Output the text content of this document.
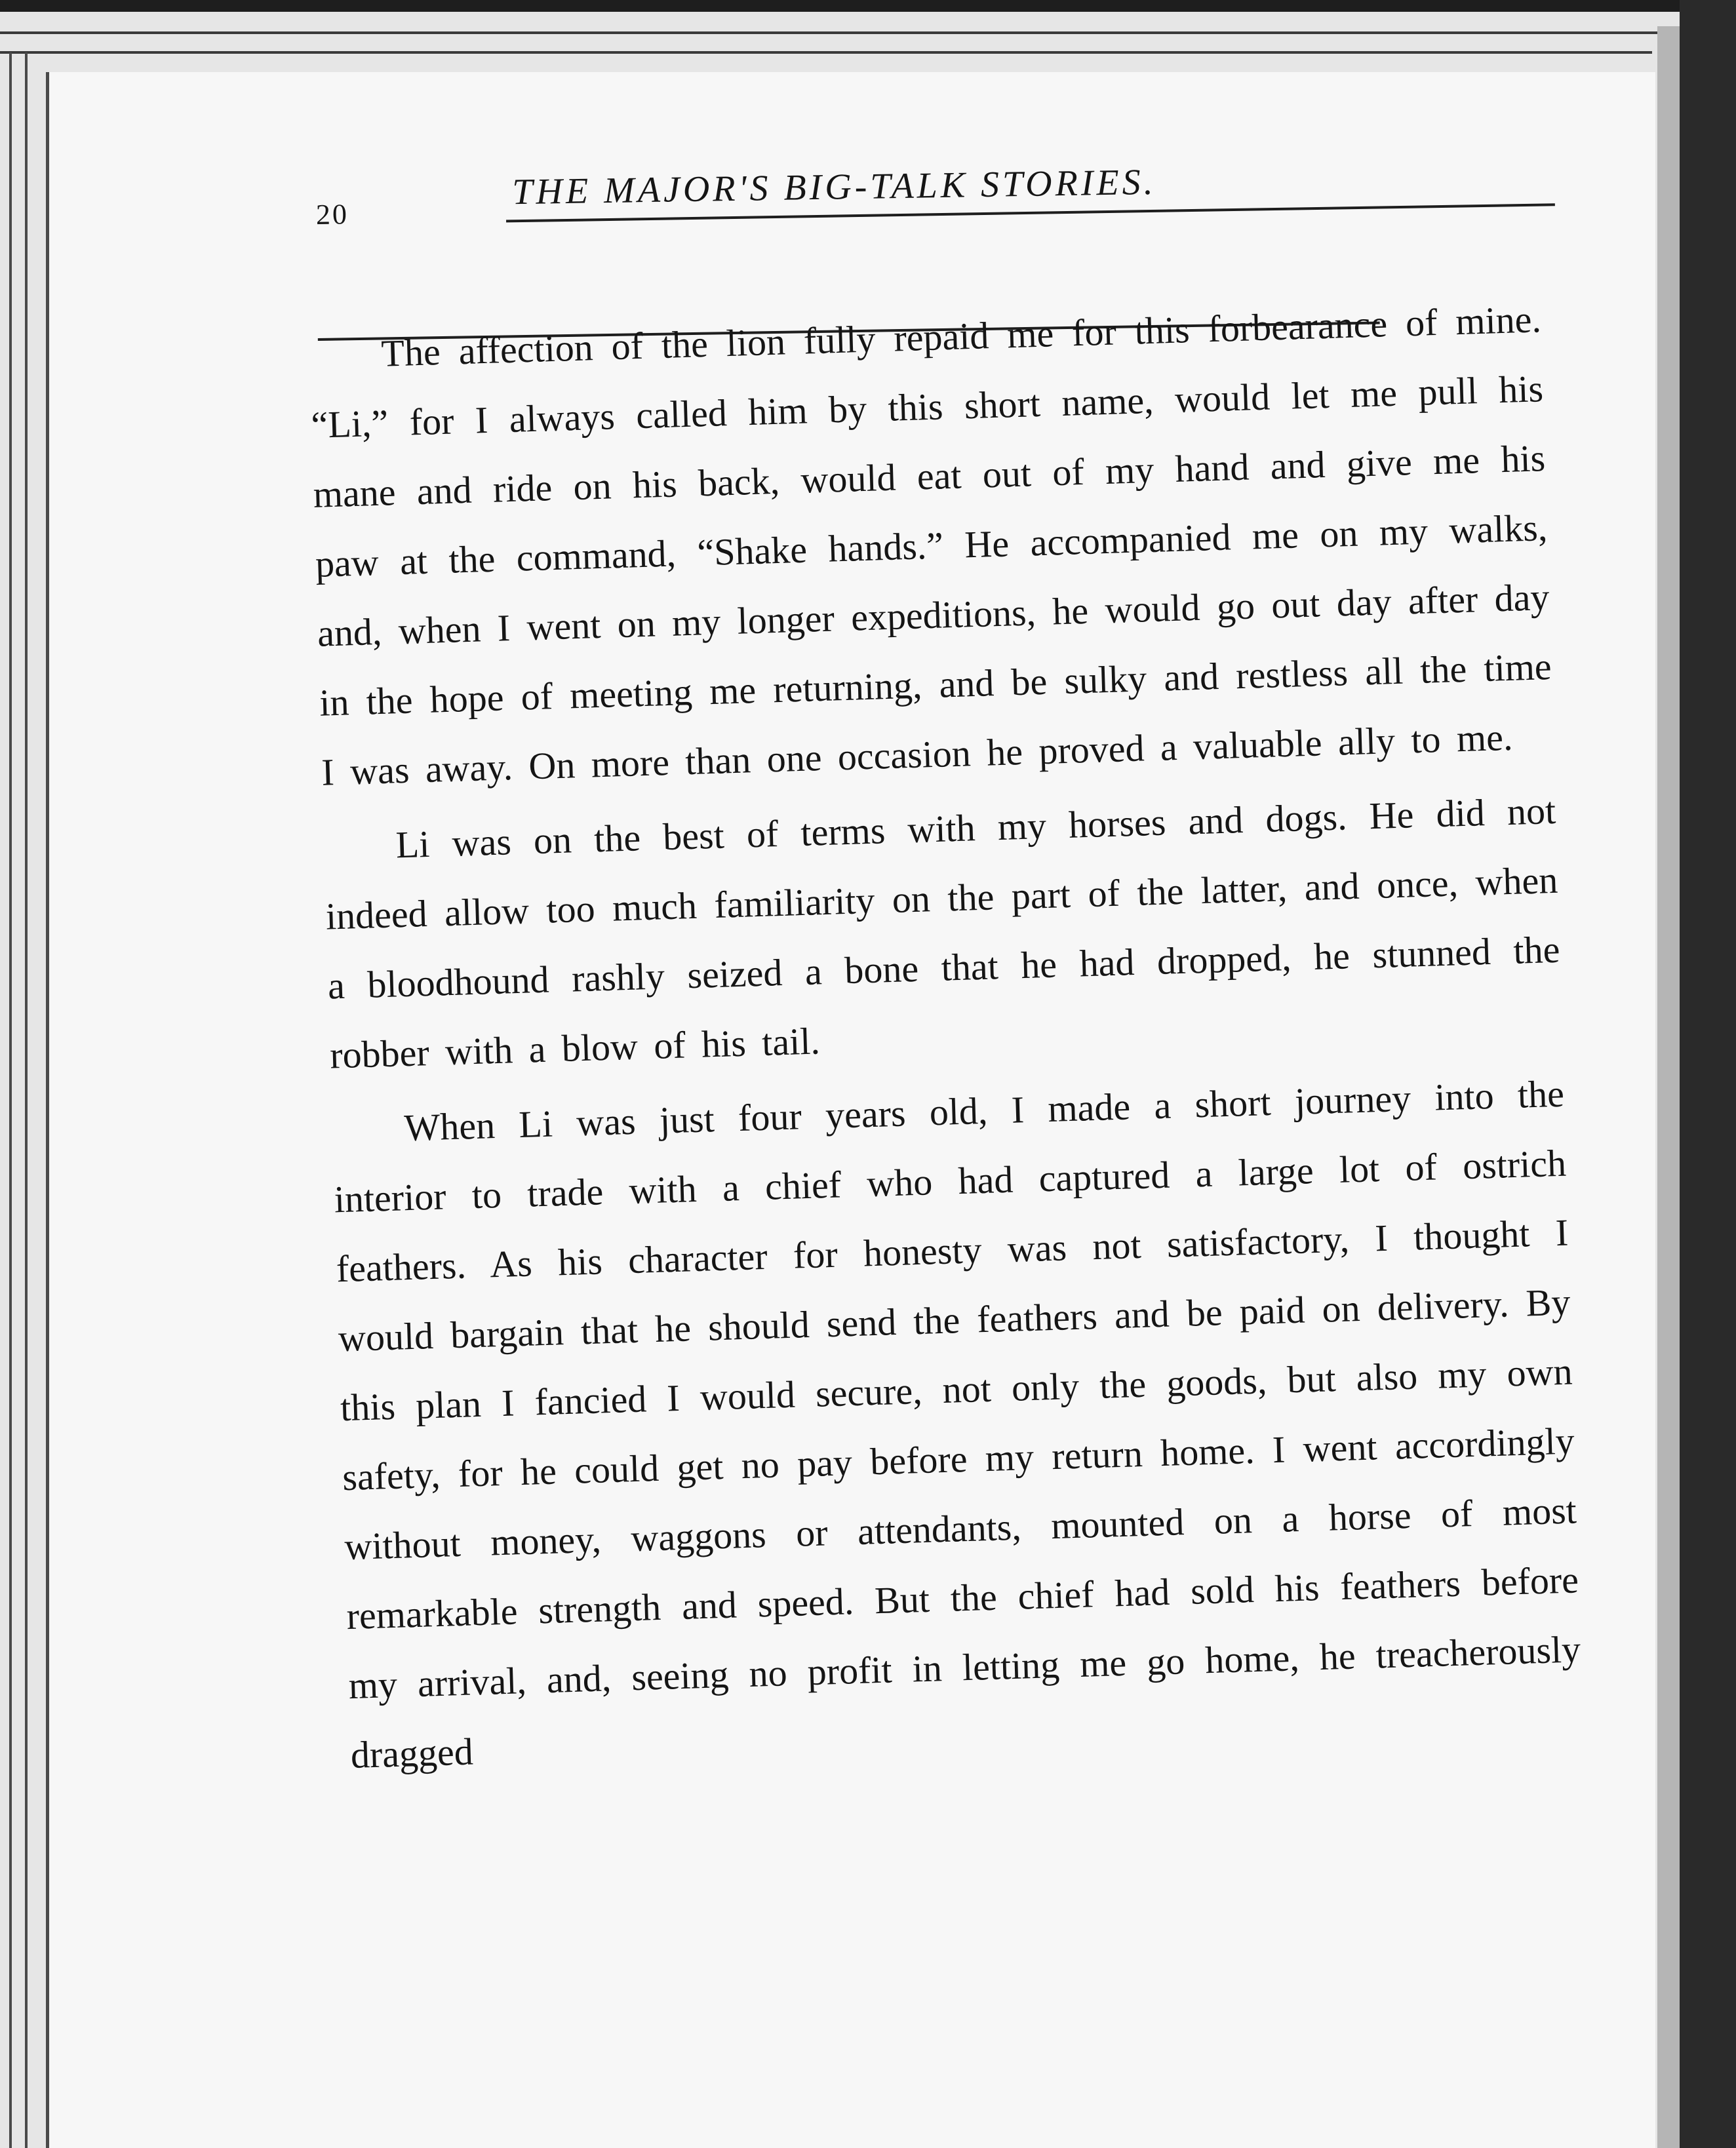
20
THE MAJOR'S BIG-TALK STORIES.

The affection of the lion fully repaid me for this forbearance of mine. “Li,” for I always called him by this short name, would let me pull his mane and ride on his back, would eat out of my hand and give me his paw at the command, “Shake hands.” He accompanied me on my walks, and, when I went on my longer expeditions, he would go out day after day in the hope of meeting me returning, and be sulky and restless all the time I was away. On more than one occasion he proved a valuable ally to me.

Li was on the best of terms with my horses and dogs. He did not indeed allow too much familiarity on the part of the latter, and once, when a bloodhound rashly seized a bone that he had dropped, he stunned the robber with a blow of his tail.

When Li was just four years old, I made a short journey into the interior to trade with a chief who had captured a large lot of ostrich feathers. As his character for honesty was not satisfactory, I thought I would bargain that he should send the feathers and be paid on delivery. By this plan I fancied I would secure, not only the goods, but also my own safety, for he could get no pay before my return home. I went accordingly without money, waggons or attendants, mounted on a horse of most remarkable strength and speed. But the chief had sold his feathers before my arrival, and, seeing no profit in letting me go home, he treacherously dragged
